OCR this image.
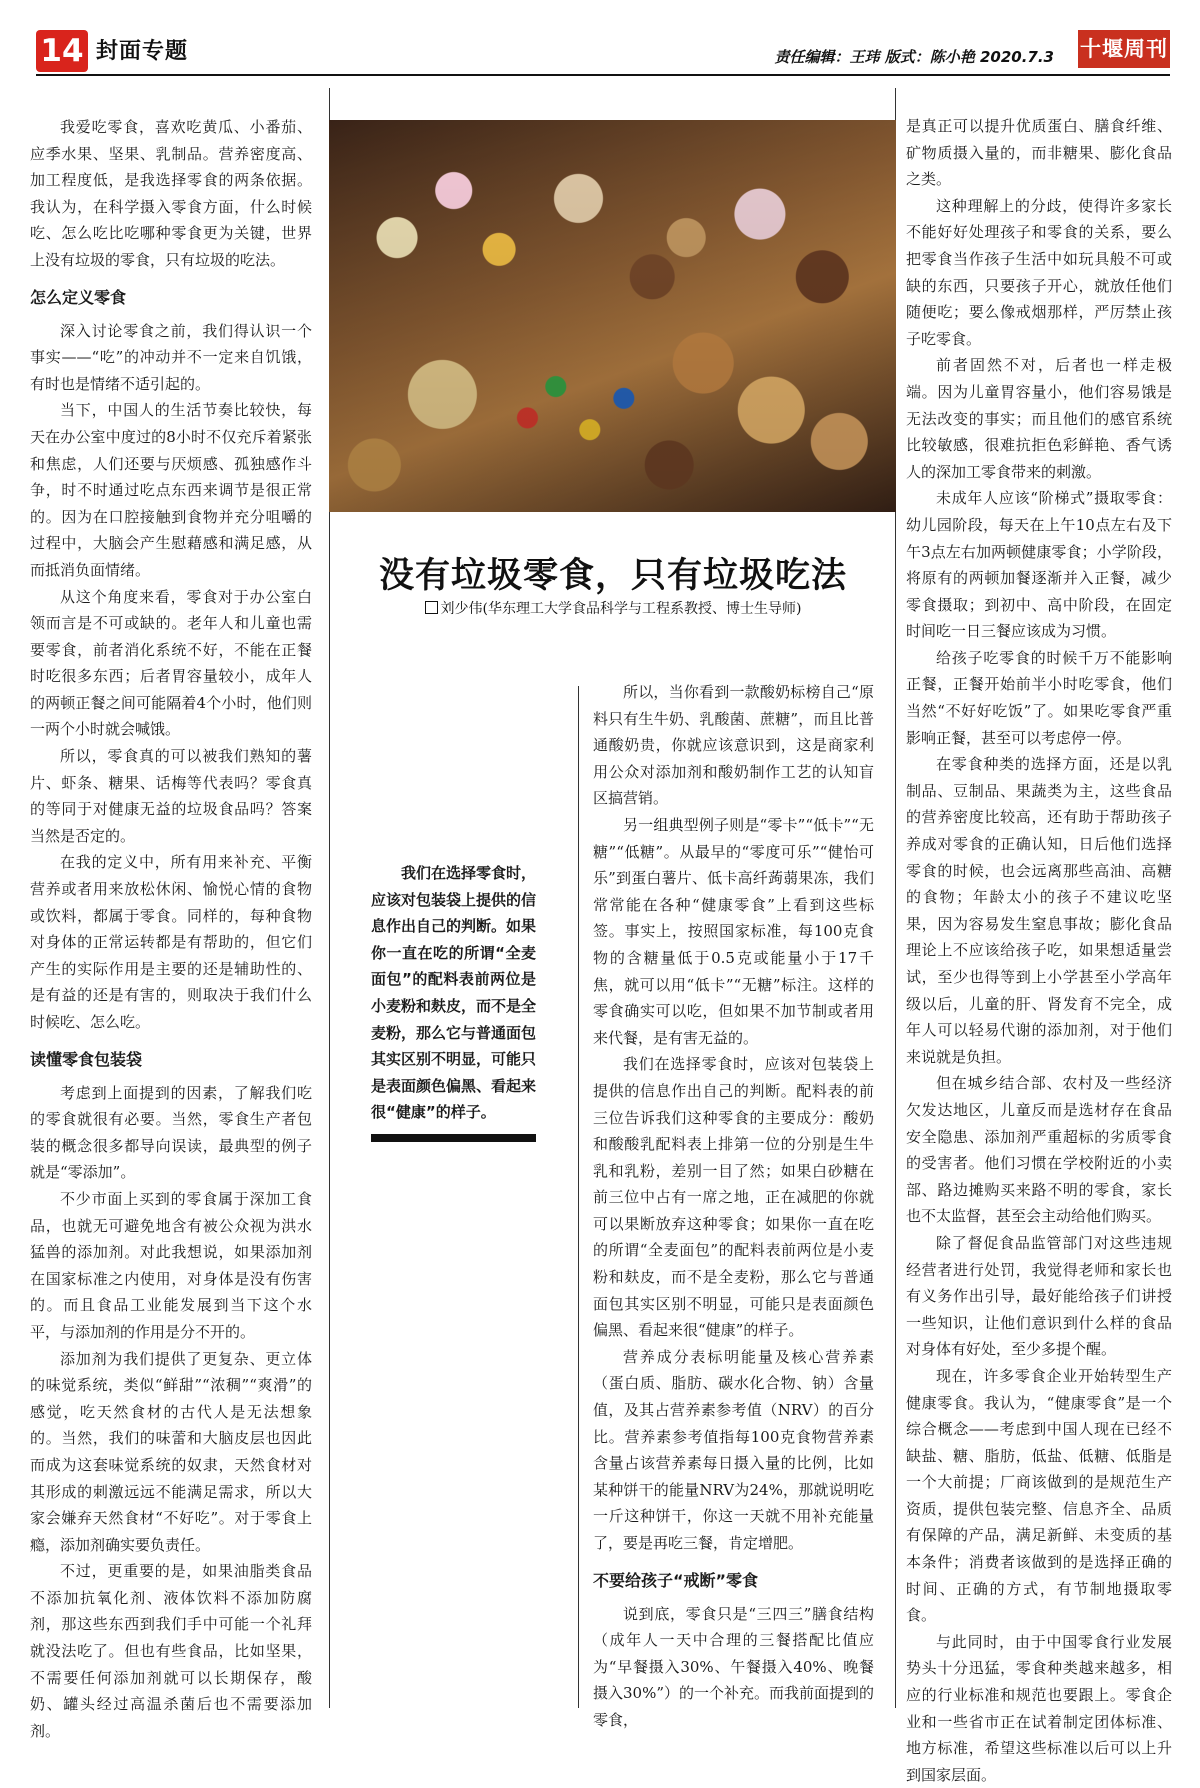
14 封面专题	责任编辑：王玮 版式：陈小艳 2020.7.3 十堰周刊

我爱吃零食，喜欢吃黄瓜、小番茄、应季水果、坚果、乳制品。营养密度高、加工程度低，是我选择零食的两条依据。我认为，在科学摄入零食方面，什么时候吃、怎么吃比吃哪种零食更为关键，世界上没有垃圾的零食，只有垃圾的吃法。

怎么定义零食

深入讨论零食之前，我们得认识一个事实——“吃”的冲动并不一定来自饥饿，有时也是情绪不适引起的。

当下，中国人的生活节奏比较快，每天在办公室中度过的8小时不仅充斥着紧张和焦虑，人们还要与厌烦感、孤独感作斗争，时不时通过吃点东西来调节是很正常的。因为在口腔接触到食物并充分咀嚼的过程中，大脑会产生慰藉感和满足感，从而抵消负面情绪。

从这个角度来看，零食对于办公室白领而言是不可或缺的。老年人和儿童也需要零食，前者消化系统不好，不能在正餐时吃很多东西；后者胃容量较小，成年人的两顿正餐之间可能隔着4个小时，他们则一两个小时就会喊饿。

所以，零食真的可以被我们熟知的薯片、虾条、糖果、话梅等代表吗？零食真的等同于对健康无益的垃圾食品吗？答案当然是否定的。

在我的定义中，所有用来补充、平衡营养或者用来放松休闲、愉悦心情的食物或饮料，都属于零食。同样的，每种食物对身体的正常运转都是有帮助的，但它们产生的实际作用是主要的还是辅助性的、是有益的还是有害的，则取决于我们什么时候吃、怎么吃。

读懂零食包装袋

考虑到上面提到的因素，了解我们吃的零食就很有必要。当然，零食生产者包装的概念很多都导向误读，最典型的例子就是“零添加”。

不少市面上买到的零食属于深加工食品，也就无可避免地含有被公众视为洪水猛兽的添加剂。对此我想说，如果添加剂在国家标准之内使用，对身体是没有伤害的。而且食品工业能发展到当下这个水平，与添加剂的作用是分不开的。

添加剂为我们提供了更复杂、更立体的味觉系统，类似“鲜甜”“浓稠”“爽滑”的感觉，吃天然食材的古代人是无法想象的。当然，我们的味蕾和大脑皮层也因此而成为这套味觉系统的奴隶，天然食材对其形成的刺激远远不能满足需求，所以大家会嫌弃天然食材“不好吃”。对于零食上瘾，添加剂确实要负责任。

不过，更重要的是，如果油脂类食品不添加抗氧化剂、液体饮料不添加防腐剂，那这些东西到我们手中可能一个礼拜就没法吃了。但也有些食品，比如坚果，不需要任何添加剂就可以长期保存，酸奶、罐头经过高温杀菌后也不需要添加剂。

没有垃圾零食，只有垃圾吃法
刘少伟(华东理工大学食品科学与工程系教授、博士生导师)
我们在选择零食时，应该对包装袋上提供的信息作出自己的判断。如果你一直在吃的所谓“全麦面包”的配料表前两位是小麦粉和麸皮，而不是全麦粉，那么它与普通面包其实区别不明显，可能只是表面颜色偏黑、看起来很“健康”的样子。

所以，当你看到一款酸奶标榜自己“原料只有生牛奶、乳酸菌、蔗糖”，而且比普通酸奶贵，你就应该意识到，这是商家利用公众对添加剂和酸奶制作工艺的认知盲区搞营销。

另一组典型例子则是“零卡”“低卡”“无糖”“低糖”。从最早的“零度可乐”“健怡可乐”到蛋白薯片、低卡高纤蒟蒻果冻，我们常常能在各种“健康零食”上看到这些标签。事实上，按照国家标准，每100克食物的含糖量低于0.5克或能量小于17千焦，就可以用“低卡”“无糖”标注。这样的零食确实可以吃，但如果不加节制或者用来代餐，是有害无益的。

我们在选择零食时，应该对包装袋上提供的信息作出自己的判断。配料表的前三位告诉我们这种零食的主要成分：酸奶和酸酸乳配料表上排第一位的分别是生牛乳和乳粉，差别一目了然；如果白砂糖在前三位中占有一席之地，正在减肥的你就可以果断放弃这种零食；如果你一直在吃的所谓“全麦面包”的配料表前两位是小麦粉和麸皮，而不是全麦粉，那么它与普通面包其实区别不明显，可能只是表面颜色偏黑、看起来很“健康”的样子。

营养成分表标明能量及核心营养素（蛋白质、脂肪、碳水化合物、钠）含量值，及其占营养素参考值（NRV）的百分比。营养素参考值指每100克食物营养素含量占该营养素每日摄入量的比例，比如某种饼干的能量NRV为24%，那就说明吃一斤这种饼干，你这一天就不用补充能量了，要是再吃三餐，肯定增肥。

不要给孩子“戒断”零食

说到底，零食只是“三四三”膳食结构（成年人一天中合理的三餐搭配比值应为“早餐摄入30%、午餐摄入40%、晚餐摄入30%”）的一个补充。而我前面提到的零食，

是真正可以提升优质蛋白、膳食纤维、矿物质摄入量的，而非糖果、膨化食品之类。

这种理解上的分歧，使得许多家长不能好好处理孩子和零食的关系，要么把零食当作孩子生活中如玩具般不可或缺的东西，只要孩子开心，就放任他们随便吃；要么像戒烟那样，严厉禁止孩子吃零食。

前者固然不对，后者也一样走极端。因为儿童胃容量小，他们容易饿是无法改变的事实；而且他们的感官系统比较敏感，很难抗拒色彩鲜艳、香气诱人的深加工零食带来的刺激。

未成年人应该“阶梯式”摄取零食：幼儿园阶段，每天在上午10点左右及下午3点左右加两顿健康零食；小学阶段，将原有的两顿加餐逐渐并入正餐，减少零食摄取；到初中、高中阶段，在固定时间吃一日三餐应该成为习惯。

给孩子吃零食的时候千万不能影响正餐，正餐开始前半小时吃零食，他们当然“不好好吃饭”了。如果吃零食严重影响正餐，甚至可以考虑停一停。

在零食种类的选择方面，还是以乳制品、豆制品、果蔬类为主，这些食品的营养密度比较高，还有助于帮助孩子养成对零食的正确认知，日后他们选择零食的时候，也会远离那些高油、高糖的食物；年龄太小的孩子不建议吃坚果，因为容易发生窒息事故；膨化食品理论上不应该给孩子吃，如果想适量尝试，至少也得等到上小学甚至小学高年级以后，儿童的肝、肾发育不完全，成年人可以轻易代谢的添加剂，对于他们来说就是负担。

但在城乡结合部、农村及一些经济欠发达地区，儿童反而是选材存在食品安全隐患、添加剂严重超标的劣质零食的受害者。他们习惯在学校附近的小卖部、路边摊购买来路不明的零食，家长也不太监督，甚至会主动给他们购买。

除了督促食品监管部门对这些违规经营者进行处罚，我觉得老师和家长也有义务作出引导，最好能给孩子们讲授一些知识，让他们意识到什么样的食品对身体有好处，至少多提个醒。

现在，许多零食企业开始转型生产健康零食。我认为，“健康零食”是一个综合概念——考虑到中国人现在已经不缺盐、糖、脂肪，低盐、低糖、低脂是一个大前提；厂商该做到的是规范生产资质，提供包装完整、信息齐全、品质有保障的产品，满足新鲜、未变质的基本条件；消费者该做到的是选择正确的时间、正确的方式，有节制地摄取零食。

与此同时，由于中国零食行业发展势头十分迅猛，零食种类越来越多，相应的行业标准和规范也要跟上。零食企业和一些省市正在试着制定团体标准、地方标准，希望这些标准以后可以上升到国家层面。
